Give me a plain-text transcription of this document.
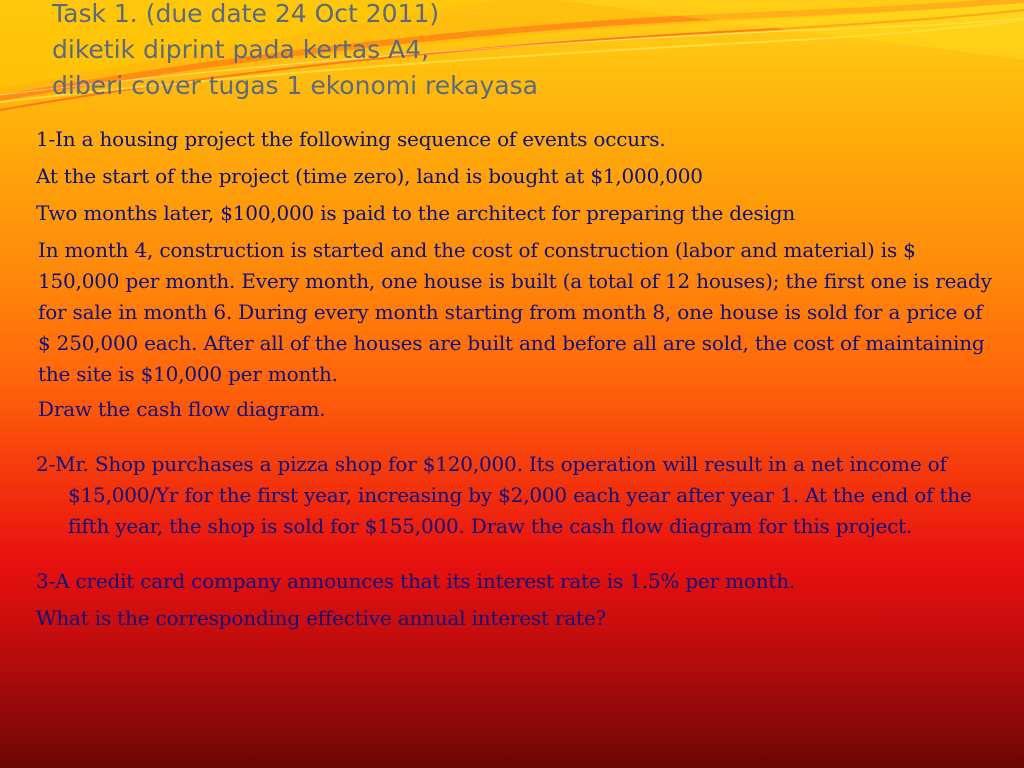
Task 1. (due date 24 Oct 2011)
diketik diprint pada kertas A4,
diberi cover tugas 1 ekonomi rekayasa
1-In a housing project the following sequence of events occurs.
At the start of the project (time zero), land is bought at $1,000,000
Two months later, $100,000 is paid to the architect for preparing the design
In month 4, construction is started and the cost of construction (labor and material) is $ 150,000 per month. Every month, one house is built (a total of 12 houses); the first one is ready for sale in month 6. During every month starting from month 8, one house is sold for a price of $ 250,000 each. After all of the houses are built and before all are sold, the cost of maintaining the site is $10,000 per month.
Draw the cash flow diagram.
2-Mr. Shop purchases a pizza shop for $120,000. Its operation will result in a net income of $15,000/Yr for the first year, increasing by $2,000 each year after year 1. At the end of the fifth year, the shop is sold for $155,000. Draw the cash flow diagram for this project.
3-A credit card company announces that its interest rate is 1.5% per month.
What is the corresponding effective annual interest rate?
